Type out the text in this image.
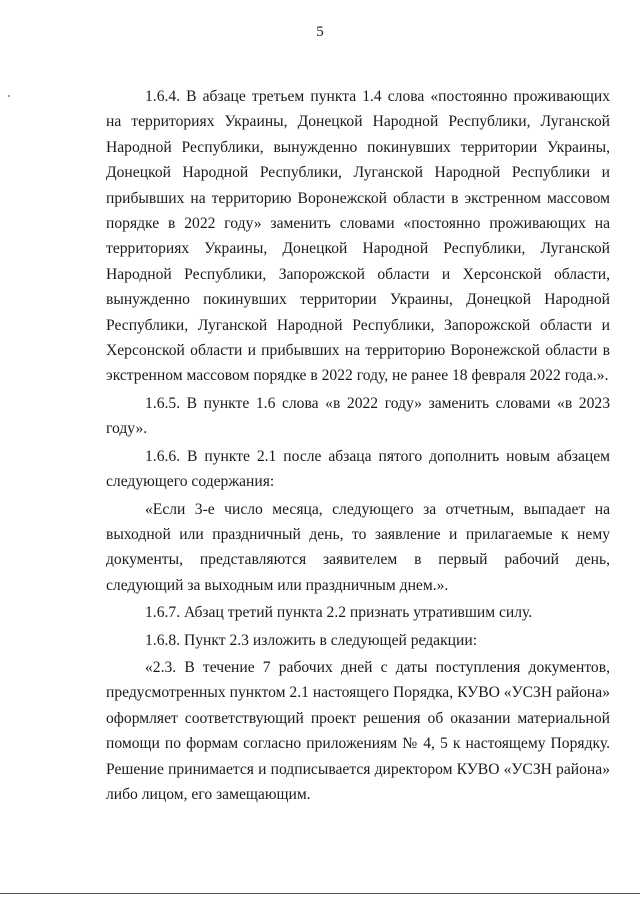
5

1.6.4. В абзаце третьем пункта 1.4 слова «постоянно проживающих на территориях Украины, Донецкой Народной Республики, Луганской Народной Республики, вынужденно покинувших территории Украины, Донецкой Народной Республики, Луганской Народной Республики и прибывших на территорию Воронежской области в экстренном массовом порядке в 2022 году» заменить словами «постоянно проживающих на территориях Украины, Донецкой Народной Республики, Луганской Народной Республики, Запорожской области и Херсонской области, вынужденно покинувших территории Украины, Донецкой Народной Республики, Луганской Народной Республики, Запорожской области и Херсонской области и прибывших на территорию Воронежской области в экстренном массовом порядке в 2022 году, не ранее 18 февраля 2022 года.».

1.6.5. В пункте 1.6 слова «в 2022 году» заменить словами «в 2023 году».

1.6.6. В пункте 2.1 после абзаца пятого дополнить новым абзацем следующего содержания:

«Если 3-е число месяца, следующего за отчетным, выпадает на выходной или праздничный день, то заявление и прилагаемые к нему документы, представляются заявителем в первый рабочий день, следующий за выходным или праздничным днем.».

1.6.7. Абзац третий пункта 2.2 признать утратившим силу.

1.6.8. Пункт 2.3 изложить в следующей редакции:

«2.3. В течение 7 рабочих дней с даты поступления документов, предусмотренных пунктом 2.1 настоящего Порядка, КУВО «УСЗН района» оформляет соответствующий проект решения об оказании материальной помощи по формам согласно приложениям № 4, 5 к настоящему Порядку. Решение принимается и подписывается директором КУВО «УСЗН района» либо лицом, его замещающим.
